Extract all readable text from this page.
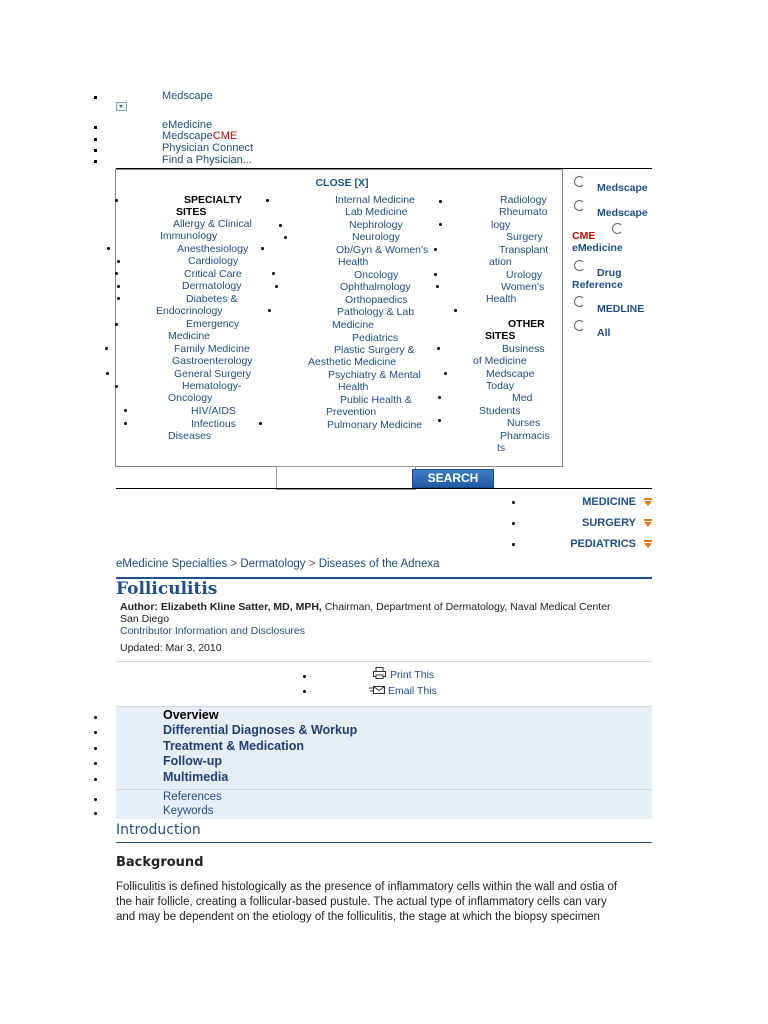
Medscape
eMedicine
MedscapeCME
Physician Connect
Find a Physician...
CLOSE [X]
SPECIALTY
SITES
Allergy & Clinical
Immunology
Anesthesiology
Cardiology
Critical Care
Dermatology
Diabetes &
Endocrinology
Emergency
Medicine
Family Medicine
Gastroenterology
General Surgery
Hematology-
Oncology
HIV/AIDS
Infectious
Diseases
Internal Medicine
Lab Medicine
Nephrology
Neurology
Ob/Gyn & Women's
Health
Oncology
Ophthalmology
Orthopaedics
Pathology & Lab
Medicine
Pediatrics
Plastic Surgery &
Aesthetic Medicine
Psychiatry & Mental
Health
Public Health &
Prevention
Pulmonary Medicine
Radiology
Rheumato
logy
Surgery
Transplant
ation
Urology
Women's
Health
OTHER
SITES
Business
of Medicine
Medscape
Today
Med
Students
Nurses
Pharmacis
ts
Medscape
Medscape
CME
eMedicine
Drug
Reference
MEDLINE
All
SEARCH
MEDICINE
SURGERY
PEDIATRICS
eMedicine Specialties > Dermatology > Diseases of the Adnexa
Folliculitis
Author: Elizabeth Kline Satter, MD, MPH, Chairman, Department of Dermatology, Naval Medical Center
San Diego
Contributor Information and Disclosures
Updated: Mar 3, 2010
Print This
Email This
Overview
Differential Diagnoses & Workup
Treatment & Medication
Follow-up
Multimedia
References
Keywords
Introduction
Background
Folliculitis is defined histologically as the presence of inflammatory cells within the wall and ostia of
the hair follicle, creating a follicular-based pustule. The actual type of inflammatory cells can vary
and may be dependent on the etiology of the folliculitis, the stage at which the biopsy specimen
